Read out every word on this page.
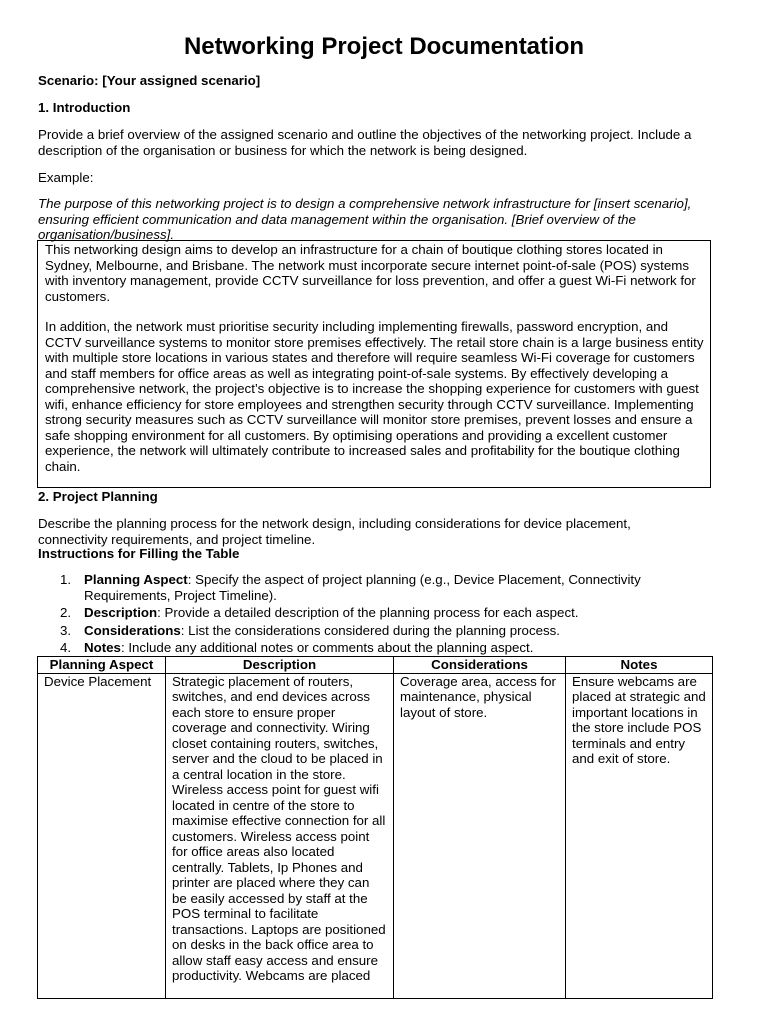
Networking Project Documentation

Scenario: [Your assigned scenario]

1. Introduction

Provide a brief overview of the assigned scenario and outline the objectives of the networking project. Include a description of the organisation or business for which the network is being designed.

Example:

The purpose of this networking project is to design a comprehensive network infrastructure for [insert scenario], ensuring efficient communication and data management within the organisation. [Brief overview of the organisation/business].

This networking design aims to develop an infrastructure for a chain of boutique clothing stores located in Sydney, Melbourne, and Brisbane. The network must incorporate secure internet point-of-sale (POS) systems with inventory management, provide CCTV surveillance for loss prevention, and offer a guest Wi-Fi network for customers.

In addition, the network must prioritise security including implementing firewalls, password encryption, and CCTV surveillance systems to monitor store premises effectively. The retail store chain is a large business entity with multiple store locations in various states and therefore will require seamless Wi-Fi coverage for customers and staff members for office areas as well as integrating point-of-sale systems. By effectively developing a comprehensive network, the project’s objective is to increase the shopping experience for customers with guest wifi, enhance efficiency for store employees and strengthen security through CCTV surveillance. Implementing strong security measures such as CCTV surveillance will monitor store premises, prevent losses and ensure a safe shopping environment for all customers. By optimising operations and providing a excellent customer experience, the network will ultimately contribute to increased sales and profitability for the boutique clothing chain.

2. Project Planning

Describe the planning process for the network design, including considerations for device placement, connectivity requirements, and project timeline.

Instructions for Filling the Table

1. Planning Aspect: Specify the aspect of project planning (e.g., Device Placement, Connectivity Requirements, Project Timeline).
2. Description: Provide a detailed description of the planning process for each aspect.
3. Considerations: List the considerations considered during the planning process.
4. Notes: Include any additional notes or comments about the planning aspect.
Planning Aspect	Description	Considerations	Notes
Device Placement	Strategic placement of routers, switches, and end devices across each store to ensure proper coverage and connectivity. Wiring closet containing routers, switches, server and the cloud to be placed in a central location in the store. Wireless access point for guest wifi located in centre of the store to maximise effective connection for all customers. Wireless access point for office areas also located centrally. Tablets, Ip Phones and printer are placed where they can be easily accessed by staff at the POS terminal to facilitate transactions. Laptops are positioned on desks in the back office area to allow staff easy access and ensure productivity. Webcams are placed	Coverage area, access for maintenance, physical layout of store.	Ensure webcams are placed at strategic and important locations in the store include POS terminals and entry and exit of store.
